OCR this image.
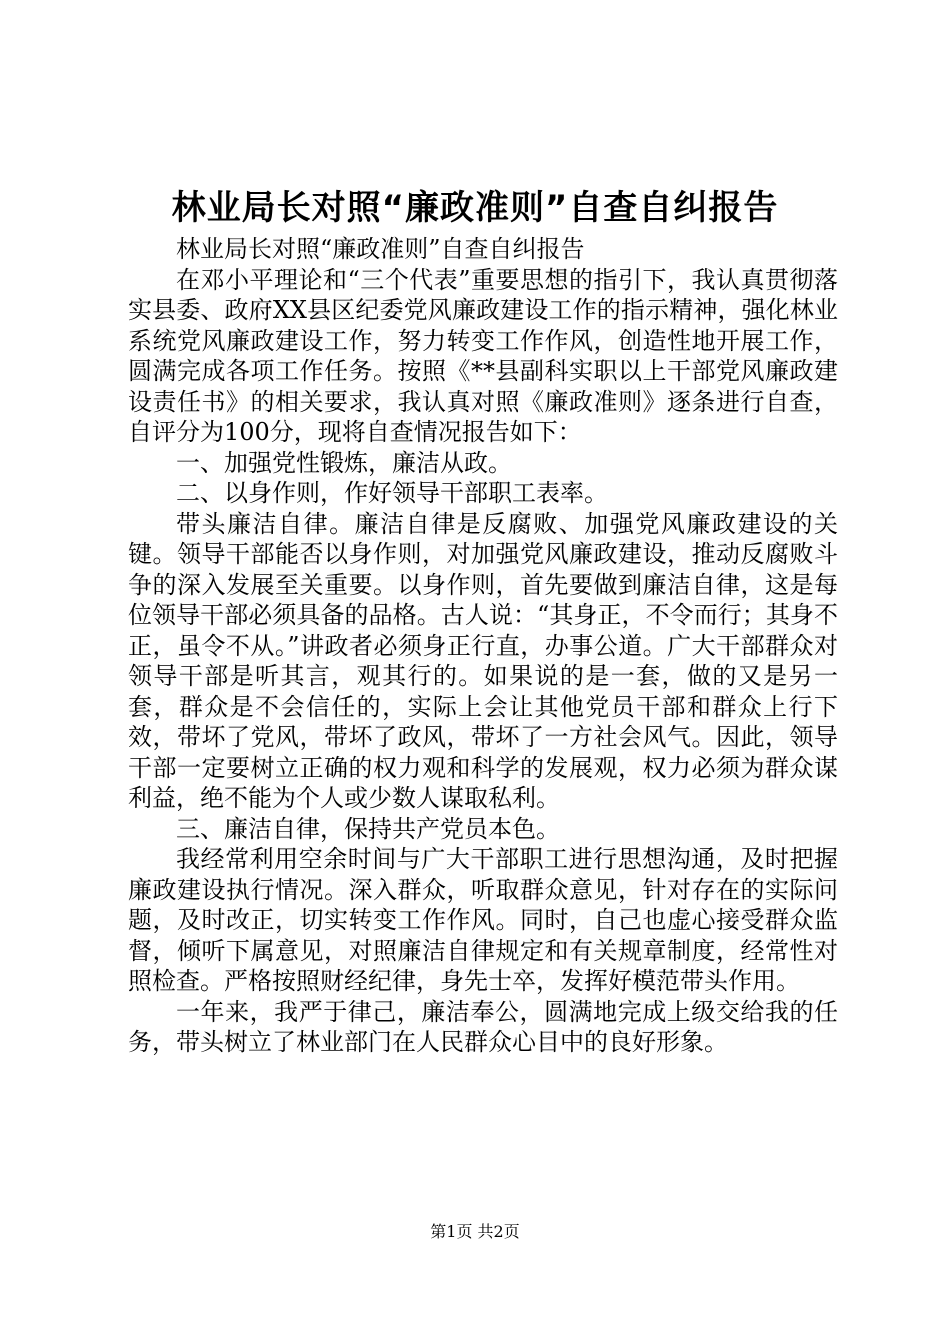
林业局长对照“廉政准则”自查自纠报告

林业局长对照“廉政准则”自查自纠报告

在邓小平理论和“三个代表”重要思想的指引下，我认真贯彻落实县委、政府XX县区纪委党风廉政建设工作的指示精神，强化林业系统党风廉政建设工作，努力转变工作作风，创造性地开展工作，圆满完成各项工作任务。按照《**县副科实职以上干部党风廉政建设责任书》的相关要求，我认真对照《廉政准则》逐条进行自查，自评分为100分，现将自查情况报告如下：

一、加强党性锻炼，廉洁从政。

二、以身作则，作好领导干部职工表率。

带头廉洁自律。廉洁自律是反腐败、加强党风廉政建设的关键。领导干部能否以身作则，对加强党风廉政建设，推动反腐败斗争的深入发展至关重要。以身作则，首先要做到廉洁自律，这是每位领导干部必须具备的品格。古人说：“其身正，不令而行；其身不正，虽令不从。”讲政者必须身正行直，办事公道。广大干部群众对领导干部是听其言，观其行的。如果说的是一套，做的又是另一套，群众是不会信任的，实际上会让其他党员干部和群众上行下效，带坏了党风，带坏了政风，带坏了一方社会风气。因此，领导干部一定要树立正确的权力观和科学的发展观，权力必须为群众谋利益，绝不能为个人或少数人谋取私利。

三、廉洁自律，保持共产党员本色。

我经常利用空余时间与广大干部职工进行思想沟通，及时把握廉政建设执行情况。深入群众，听取群众意见，针对存在的实际问题，及时改正，切实转变工作作风。同时，自己也虚心接受群众监督，倾听下属意见，对照廉洁自律规定和有关规章制度，经常性对照检查。严格按照财经纪律，身先士卒，发挥好模范带头作用。

一年来，我严于律己，廉洁奉公，圆满地完成上级交给我的任务，带头树立了林业部门在人民群众心目中的良好形象。

第1页 共2页
